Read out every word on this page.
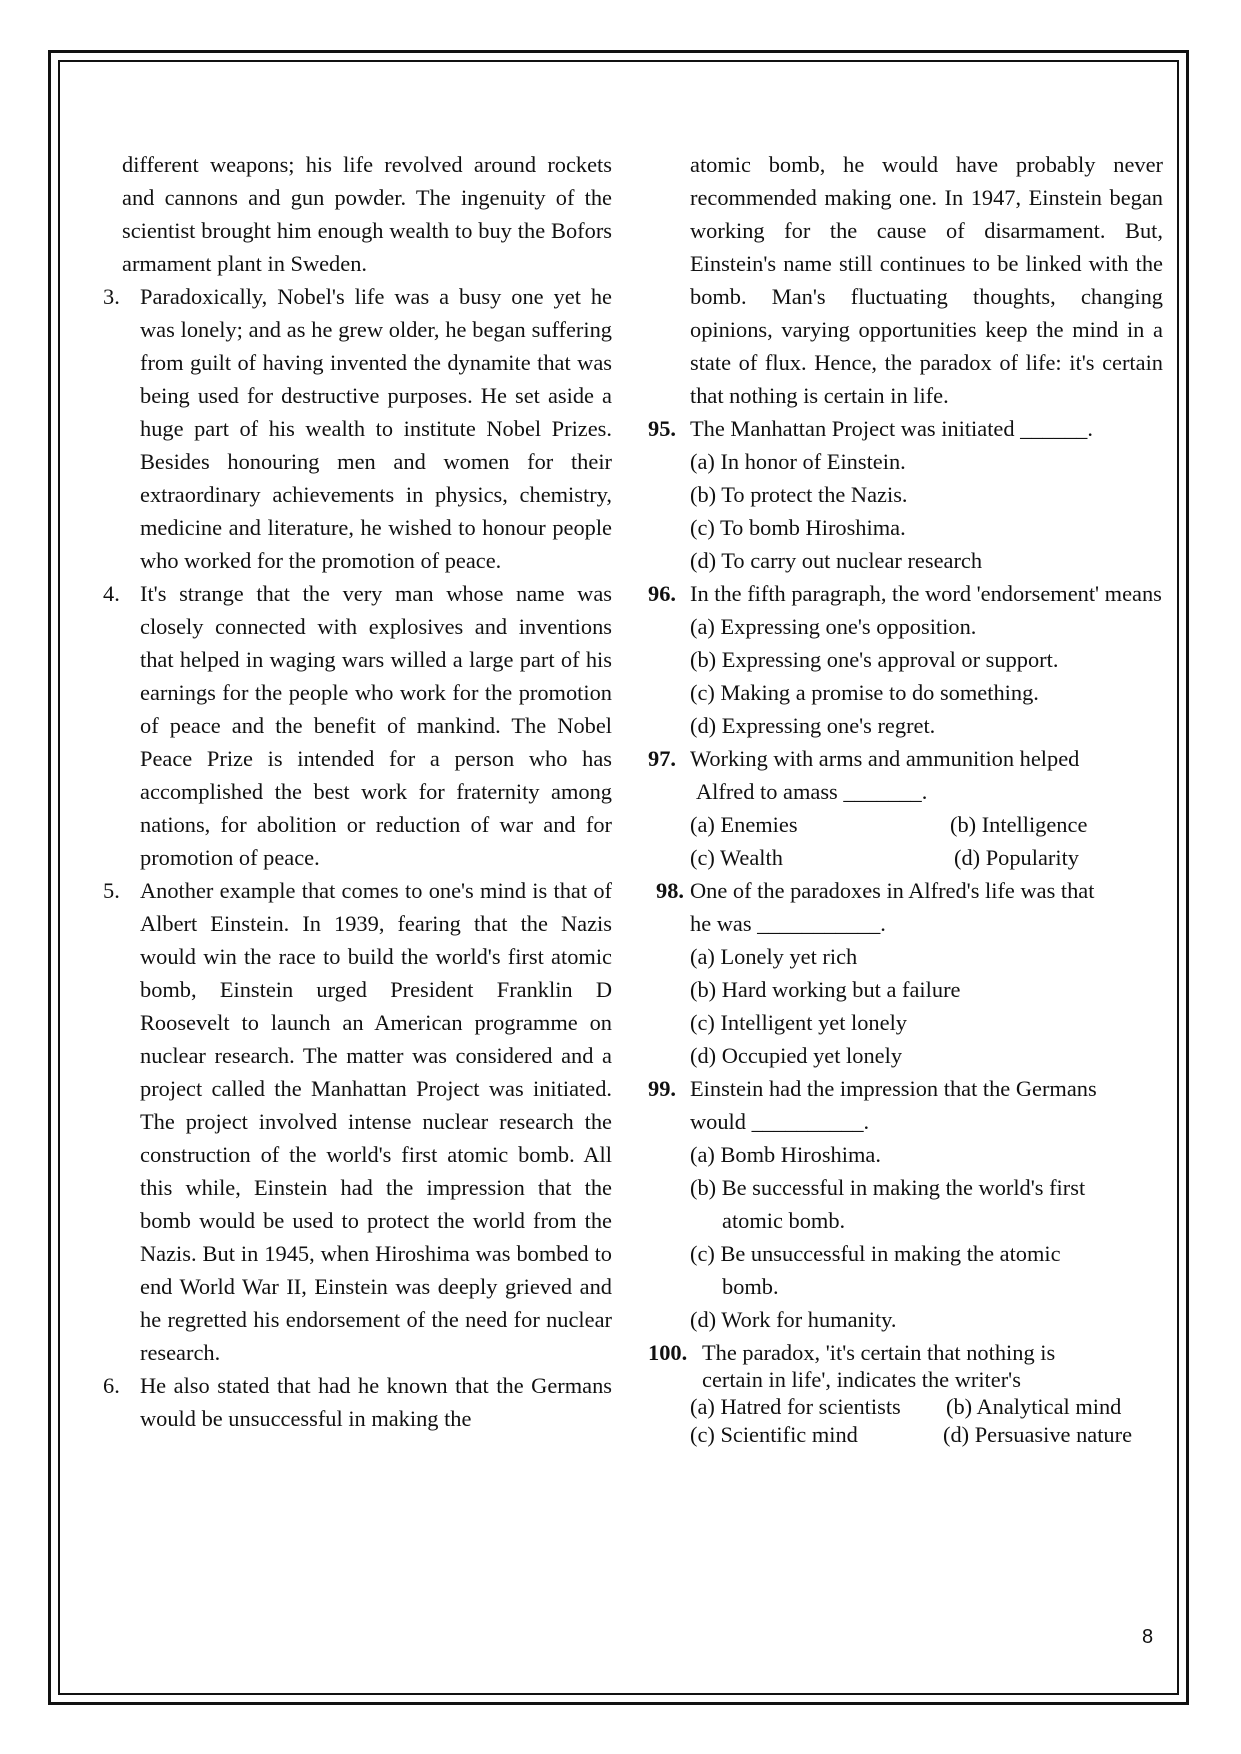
different weapons; his life revolved around rockets and cannons and gun powder. The ingenuity of the scientist brought him enough wealth to buy the Bofors armament plant in Sweden.
3. Paradoxically, Nobel's life was a busy one yet he was lonely; and as he grew older, he began suffering from guilt of having invented the dynamite that was being used for destructive purposes. He set aside a huge part of his wealth to institute Nobel Prizes. Besides honouring men and women for their extraordinary achievements in physics, chemistry, medicine and literature, he wished to honour people who worked for the promotion of peace.
4. It's strange that the very man whose name was closely connected with explosives and inventions that helped in waging wars willed a large part of his earnings for the people who work for the promotion of peace and the benefit of mankind. The Nobel Peace Prize is intended for a person who has accomplished the best work for fraternity among nations, for abolition or reduction of war and for promotion of peace.
5. Another example that comes to one's mind is that of Albert Einstein. In 1939, fearing that the Nazis would win the race to build the world's first atomic bomb, Einstein urged President Franklin D Roosevelt to launch an American programme on nuclear research. The matter was considered and a project called the Manhattan Project was initiated. The project involved intense nuclear research the construction of the world's first atomic bomb. All this while, Einstein had the impression that the bomb would be used to protect the world from the Nazis. But in 1945, when Hiroshima was bombed to end World War II, Einstein was deeply grieved and he regretted his endorsement of the need for nuclear research.
6. He also stated that had he known that the Germans would be unsuccessful in making the
atomic bomb, he would have probably never recommended making one. In 1947, Einstein began working for the cause of disarmament. But, Einstein's name still continues to be linked with the bomb. Man's fluctuating thoughts, changing opinions, varying opportunities keep the mind in a state of flux. Hence, the paradox of life: it's certain that nothing is certain in life.
95. The Manhattan Project was initiated ______.
(a) In honor of Einstein.
(b) To protect the Nazis.
(c) To bomb Hiroshima.
(d) To carry out nuclear research
96. In the fifth paragraph, the word 'endorsement' means
(a) Expressing one's opposition.
(b) Expressing one's approval or support.
(c) Making a promise to do something.
(d) Expressing one's regret.
97. Working with arms and ammunition helped
Alfred to amass _______.
(a) Enemies	(b) Intelligence
(c) Wealth	(d) Popularity
98. One of the paradoxes in Alfred's life was that
he was ___________.
(a) Lonely yet rich
(b) Hard working but a failure
(c) Intelligent yet lonely
(d) Occupied yet lonely
99. Einstein had the impression that the Germans
would __________.
(a) Bomb Hiroshima.
(b) Be successful in making the world's first
atomic bomb.
(c) Be unsuccessful in making the atomic
bomb.
(d) Work for humanity.
100. The paradox, 'it's certain that nothing is
certain in life', indicates the writer's
(a) Hatred for scientists	(b) Analytical mind
(c) Scientific mind	(d) Persuasive nature
8
